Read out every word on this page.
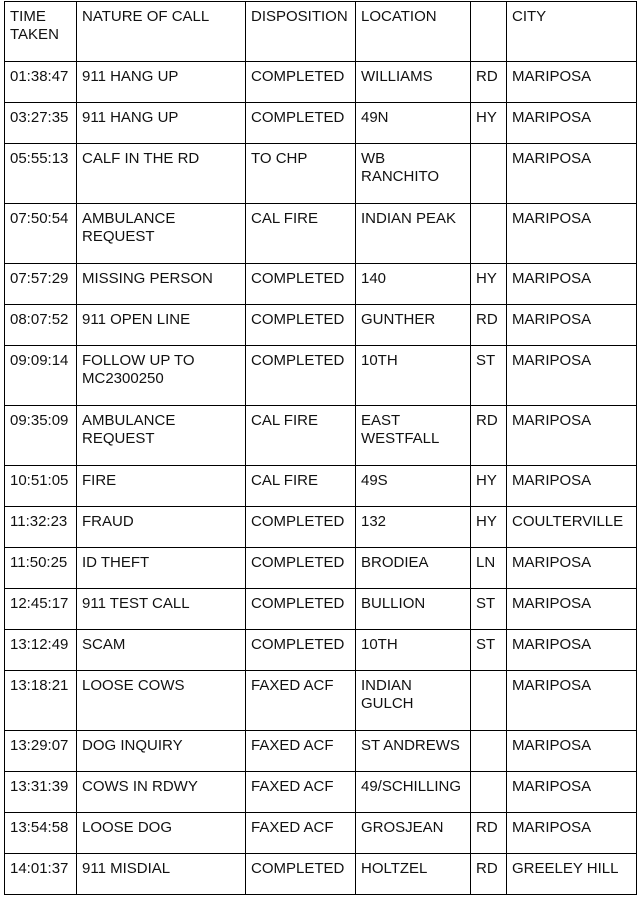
TIME TAKEN	NATURE OF CALL	DISPOSITION	LOCATION		CITY
01:38:47	911 HANG UP	COMPLETED	WILLIAMS	RD	MARIPOSA
03:27:35	911 HANG UP	COMPLETED	49N	HY	MARIPOSA
05:55:13	CALF IN THE RD	TO CHP	WB RANCHITO		MARIPOSA
07:50:54	AMBULANCE REQUEST	CAL FIRE	INDIAN PEAK		MARIPOSA
07:57:29	MISSING PERSON	COMPLETED	140	HY	MARIPOSA
08:07:52	911 OPEN LINE	COMPLETED	GUNTHER	RD	MARIPOSA
09:09:14	FOLLOW UP TO MC2300250	COMPLETED	10TH	ST	MARIPOSA
09:35:09	AMBULANCE REQUEST	CAL FIRE	EAST WESTFALL	RD	MARIPOSA
10:51:05	FIRE	CAL FIRE	49S	HY	MARIPOSA
11:32:23	FRAUD	COMPLETED	132	HY	COULTERVILLE
11:50:25	ID THEFT	COMPLETED	BRODIEA	LN	MARIPOSA
12:45:17	911 TEST CALL	COMPLETED	BULLION	ST	MARIPOSA
13:12:49	SCAM	COMPLETED	10TH	ST	MARIPOSA
13:18:21	LOOSE COWS	FAXED ACF	INDIAN GULCH		MARIPOSA
13:29:07	DOG INQUIRY	FAXED ACF	ST ANDREWS		MARIPOSA
13:31:39	COWS IN RDWY	FAXED ACF	49/SCHILLING		MARIPOSA
13:54:58	LOOSE DOG	FAXED ACF	GROSJEAN	RD	MARIPOSA
14:01:37	911 MISDIAL	COMPLETED	HOLTZEL	RD	GREELEY HILL
